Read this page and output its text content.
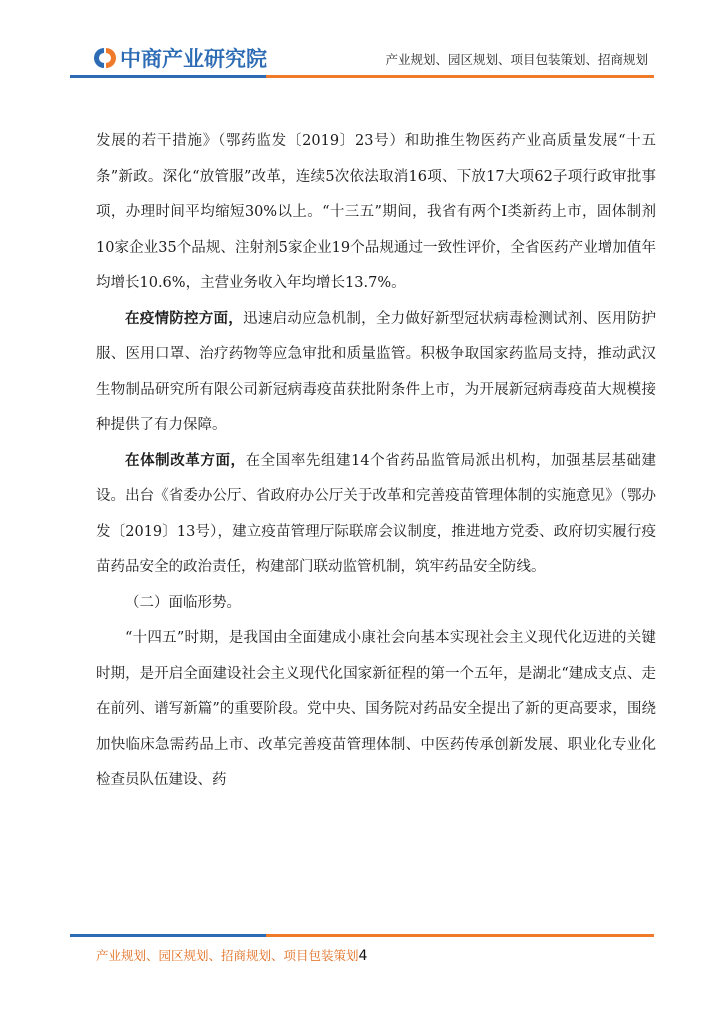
中商产业研究院	产业规划、园区规划、项目包装策划、招商规划

发展的若干措施》（鄂药监发〔2019〕23号）和助推生物医药产业高质量发展“十五条”新政。深化“放管服”改革，连续5次依法取消16项、下放17大项62子项行政审批事项，办理时间平均缩短30%以上。“十三五”期间，我省有两个Ⅰ类新药上市，固体制剂10家企业35个品规、注射剂5家企业19个品规通过一致性评价，全省医药产业增加值年均增长10.6%，主营业务收入年均增长13.7%。

在疫情防控方面，迅速启动应急机制，全力做好新型冠状病毒检测试剂、医用防护服、医用口罩、治疗药物等应急审批和质量监管。积极争取国家药监局支持，推动武汉生物制品研究所有限公司新冠病毒疫苗获批附条件上市，为开展新冠病毒疫苗大规模接种提供了有力保障。

在体制改革方面，在全国率先组建14个省药品监管局派出机构，加强基层基础建设。出台《省委办公厅、省政府办公厅关于改革和完善疫苗管理体制的实施意见》（鄂办发〔2019〕13号），建立疫苗管理厅际联席会议制度，推进地方党委、政府切实履行疫苗药品安全的政治责任，构建部门联动监管机制，筑牢药品安全防线。

（二）面临形势。

“十四五”时期，是我国由全面建成小康社会向基本实现社会主义现代化迈进的关键时期，是开启全面建设社会主义现代化国家新征程的第一个五年，是湖北“建成支点、走在前列、谱写新篇”的重要阶段。党中央、国务院对药品安全提出了新的更高要求，围绕加快临床急需药品上市、改革完善疫苗管理体制、中医药传承创新发展、职业化专业化检查员队伍建设、药

产业规划、园区规划、招商规划、项目包装策划4
